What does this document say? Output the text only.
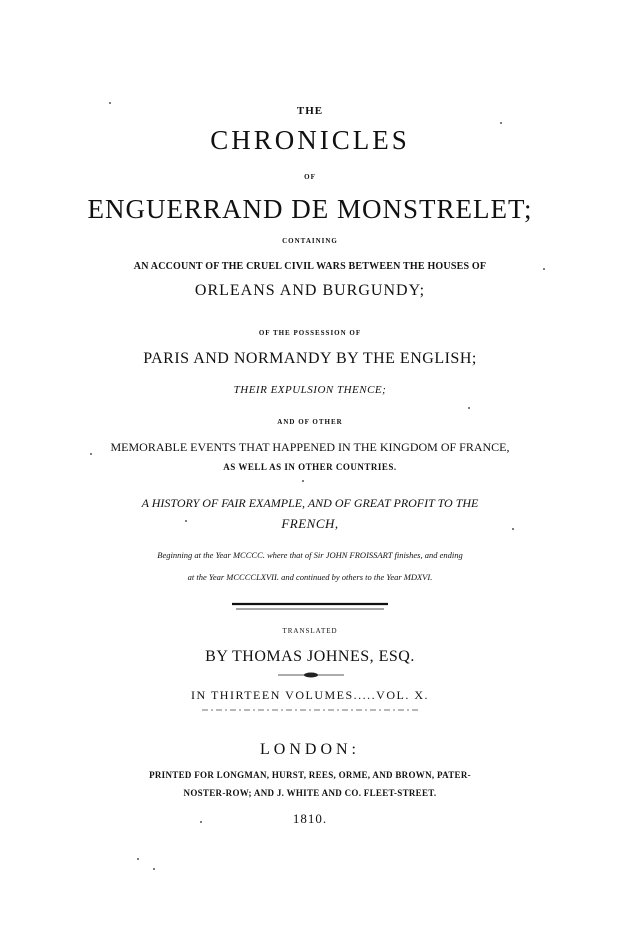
THE
CHRONICLES
OF
ENGUERRAND DE MONSTRELET;
CONTAINING
AN ACCOUNT OF THE CRUEL CIVIL WARS BETWEEN THE HOUSES OF
ORLEANS AND BURGUNDY;
OF THE POSSESSION OF
PARIS AND NORMANDY BY THE ENGLISH;
THEIR EXPULSION THENCE;
AND OF OTHER
MEMORABLE EVENTS THAT HAPPENED IN THE KINGDOM OF FRANCE,
AS WELL AS IN OTHER COUNTRIES.
A HISTORY OF FAIR EXAMPLE, AND OF GREAT PROFIT TO THE
FRENCH,
Beginning at the Year MCCCC. where that of Sir JOHN FROISSART finishes, and ending
at the Year MCCCCLXVII. and continued by others to the Year MDXVI.
TRANSLATED
BY THOMAS JOHNES, ESQ.
IN THIRTEEN VOLUMES.....VOL. X.
LONDON:
PRINTED FOR LONGMAN, HURST, REES, ORME, AND BROWN, PATER-
NOSTER-ROW; AND J. WHITE AND CO. FLEET-STREET.
1810.
